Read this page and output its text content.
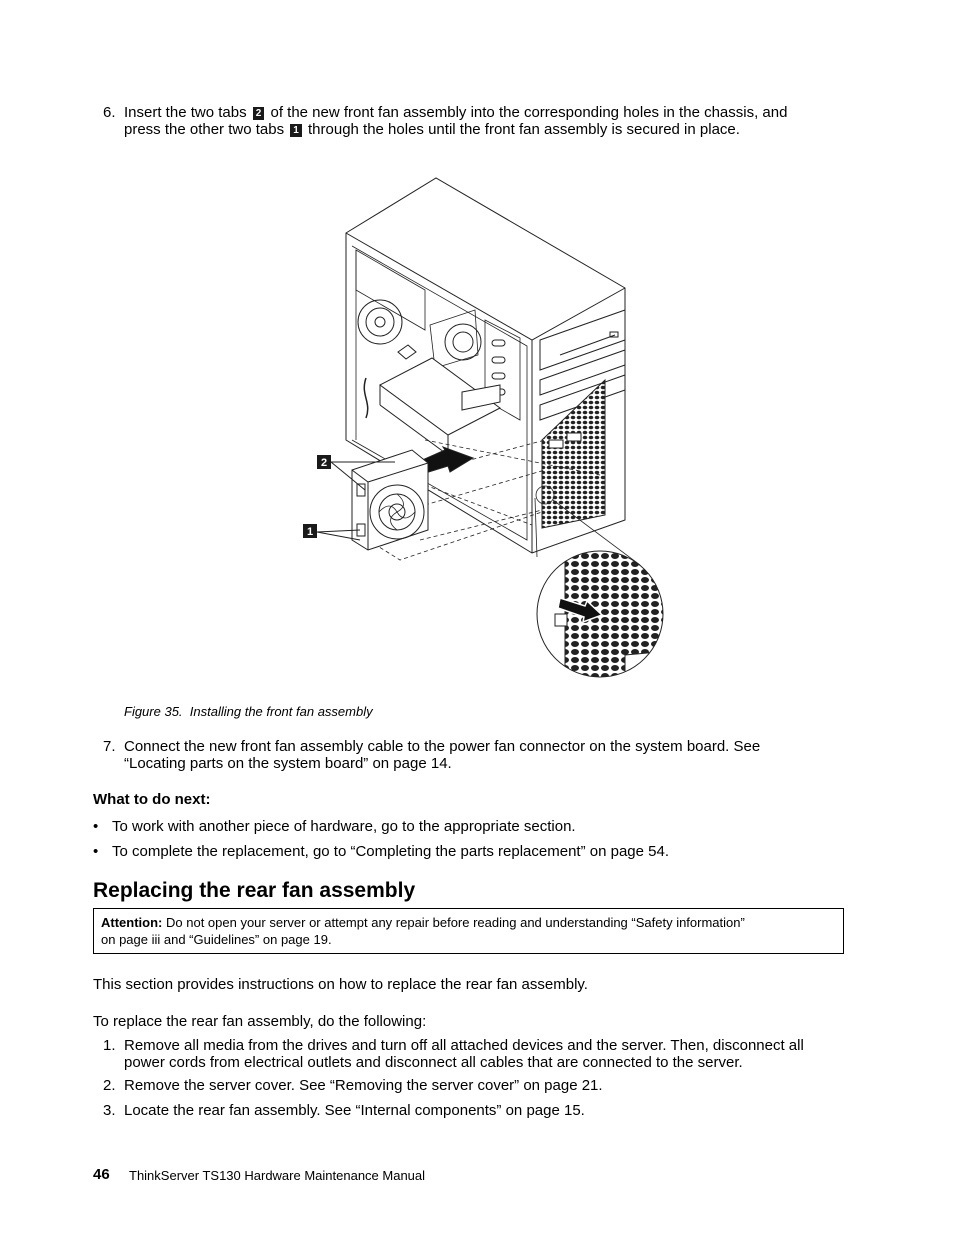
6. Insert the two tabs 2 of the new front fan assembly into the corresponding holes in the chassis, and
press the other two tabs 1 through the holes until the front fan assembly is secured in place.
2
1
Figure 35. Installing the front fan assembly
7. Connect the new front fan assembly cable to the power fan connector on the system board. See
“Locating parts on the system board” on page 14.
What to do next:
• To work with another piece of hardware, go to the appropriate section.
• To complete the replacement, go to “Completing the parts replacement” on page 54.
Replacing the rear fan assembly
Attention: Do not open your server or attempt any repair before reading and understanding “Safety information”
on page iii and “Guidelines” on page 19.
This section provides instructions on how to replace the rear fan assembly.
To replace the rear fan assembly, do the following:
1. Remove all media from the drives and turn off all attached devices and the server. Then, disconnect all
power cords from electrical outlets and disconnect all cables that are connected to the server.
2. Remove the server cover. See “Removing the server cover” on page 21.
3. Locate the rear fan assembly. See “Internal components” on page 15.
46 ThinkServer TS130 Hardware Maintenance Manual
